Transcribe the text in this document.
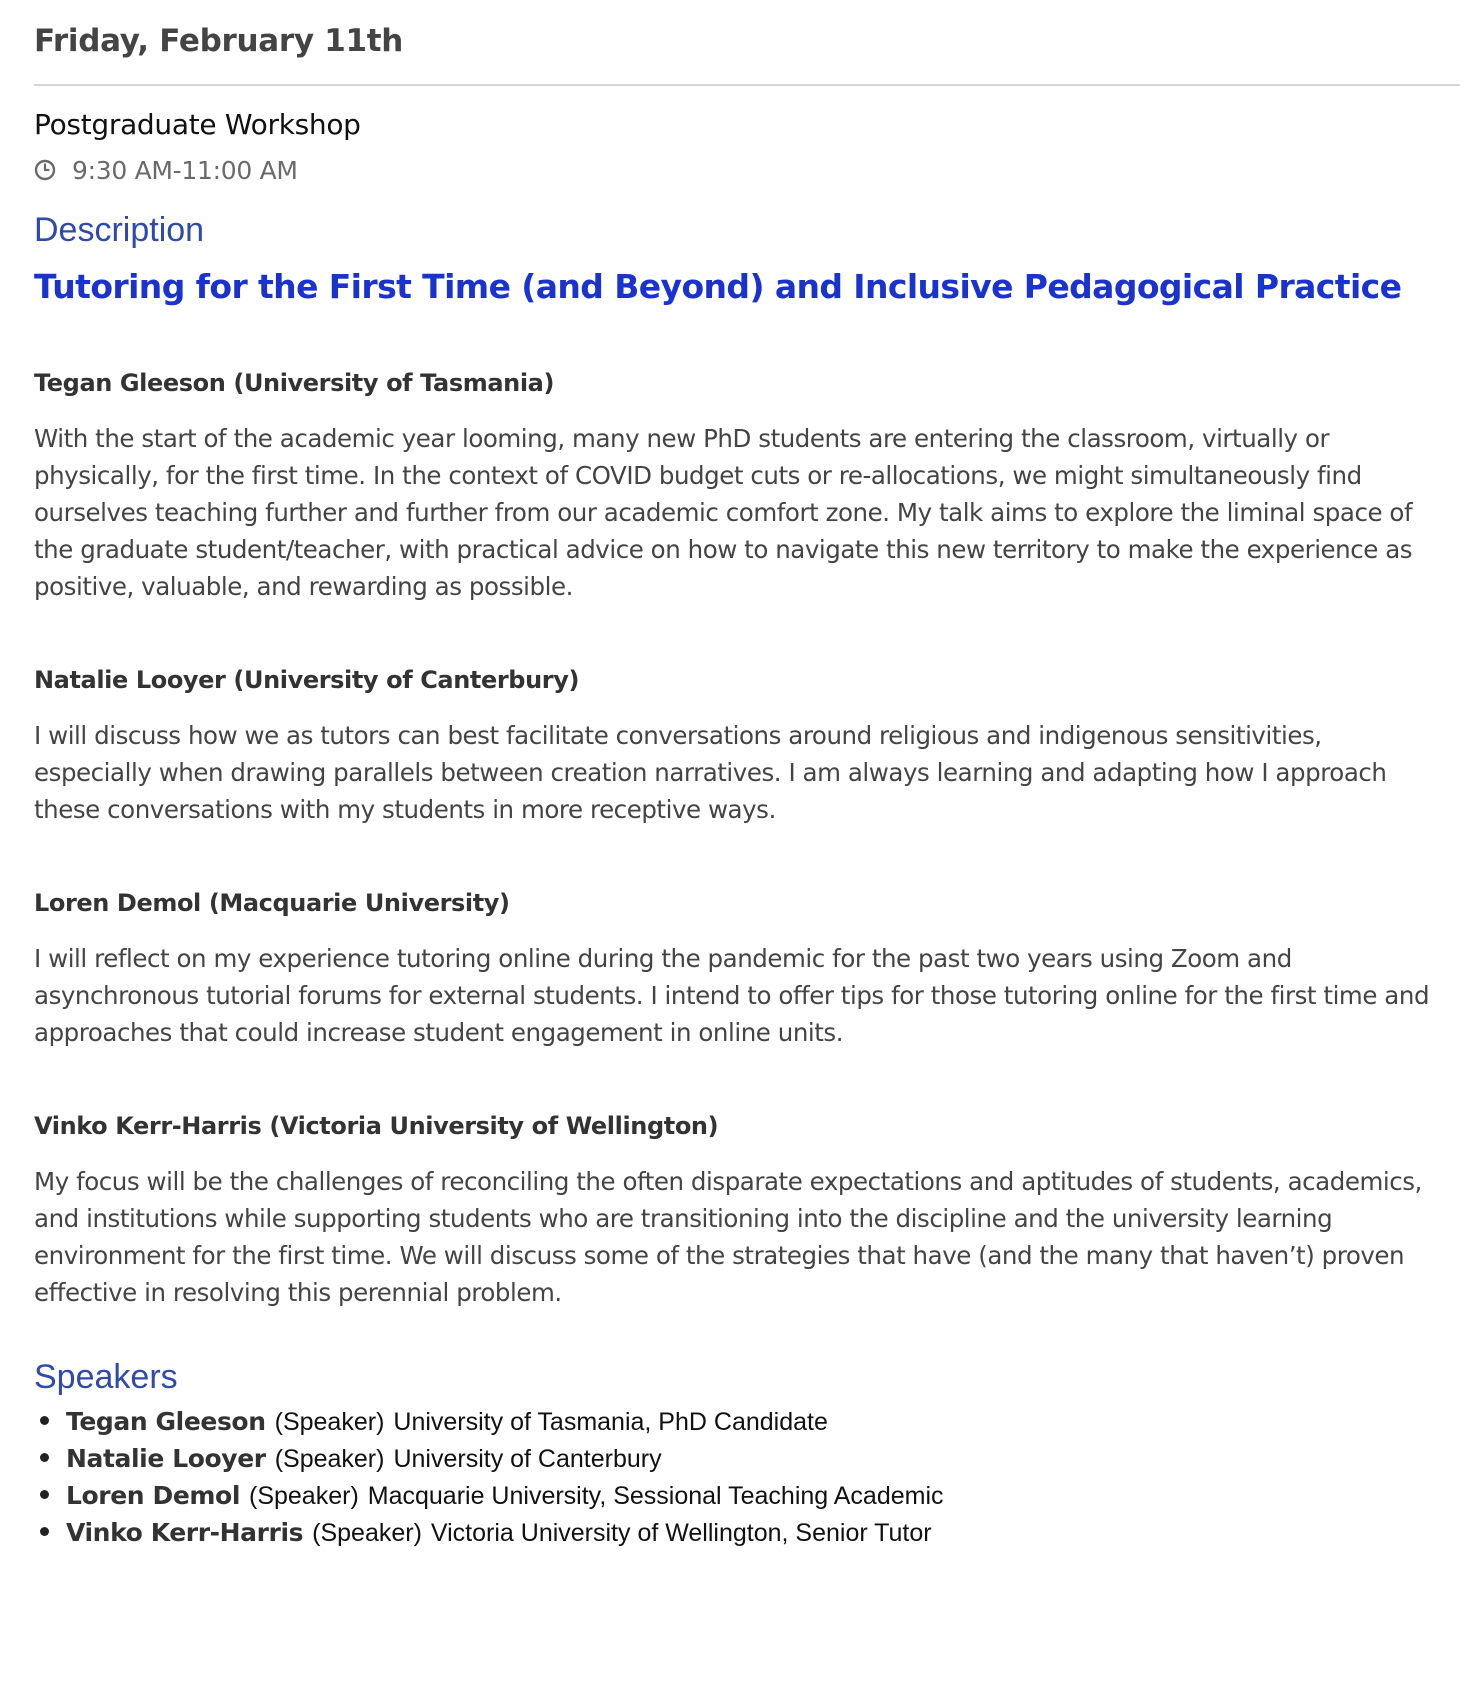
Friday, February 11th
Postgraduate Workshop
9:30 AM-11:00 AM
Description
Tutoring for the First Time (and Beyond) and Inclusive Pedagogical Practice

Tegan Gleeson (University of Tasmania)

With the start of the academic year looming, many new PhD students are entering the classroom, virtually or physically, for the first time. In the context of COVID budget cuts or re-allocations, we might simultaneously find ourselves teaching further and further from our academic comfort zone. My talk aims to explore the liminal space of the graduate student/teacher, with practical advice on how to navigate this new territory to make the experience as positive, valuable, and rewarding as possible.

Natalie Looyer (University of Canterbury)

I will discuss how we as tutors can best facilitate conversations around religious and indigenous sensitivities, especially when drawing parallels between creation narratives. I am always learning and adapting how I approach these conversations with my students in more receptive ways.

Loren Demol (Macquarie University)

I will reflect on my experience tutoring online during the pandemic for the past two years using Zoom and asynchronous tutorial forums for external students. I intend to offer tips for those tutoring online for the first time and approaches that could increase student engagement in online units.

Vinko Kerr-Harris (Victoria University of Wellington)

My focus will be the challenges of reconciling the often disparate expectations and aptitudes of students, academics, and institutions while supporting students who are transitioning into the discipline and the university learning environment for the first time. We will discuss some of the strategies that have (and the many that haven’t) proven effective in resolving this perennial problem.

Speakers
Tegan Gleeson (Speaker) University of Tasmania, PhD Candidate
Natalie Looyer (Speaker) University of Canterbury
Loren Demol (Speaker) Macquarie University, Sessional Teaching Academic
Vinko Kerr-Harris (Speaker) Victoria University of Wellington, Senior Tutor
